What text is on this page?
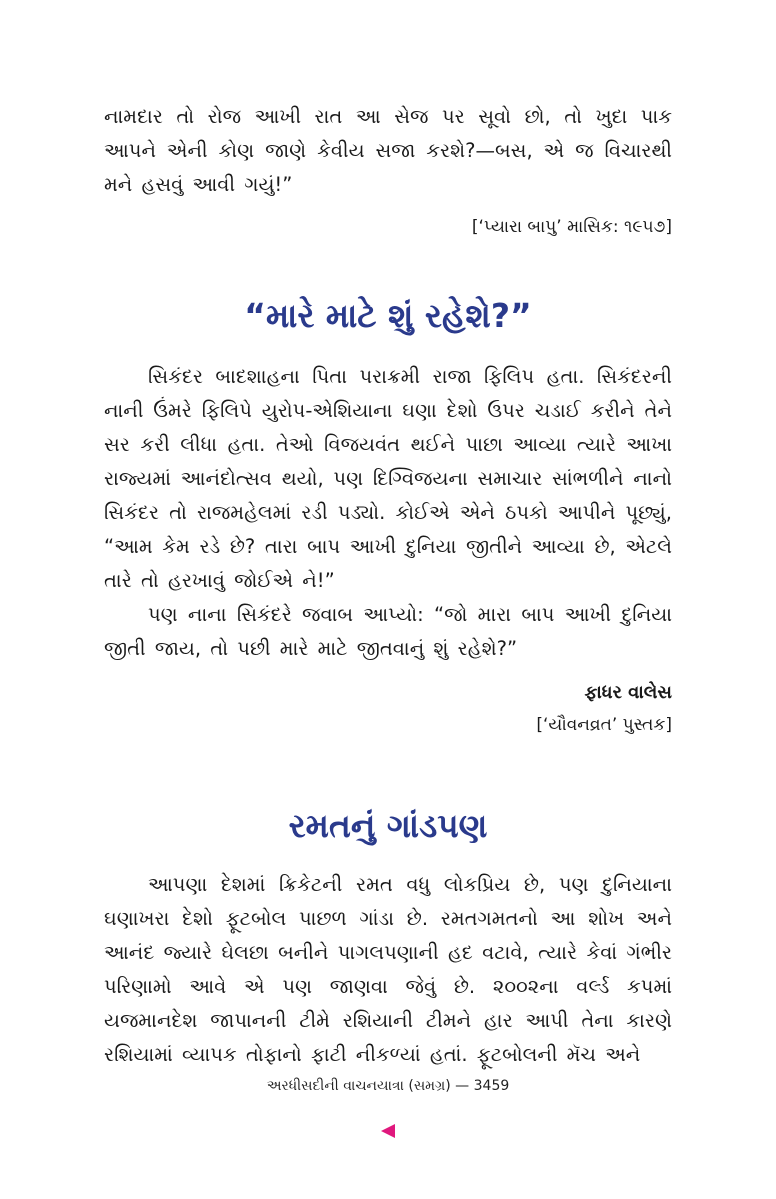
નામદાર તો રોજ આખી રાત આ સેજ પર સૂવો છો, તો ખુદા પાક આપને એની કોણ જાણે કેવીય સજા કરશે?—બસ, એ જ વિચારથી મને હસવું આવી ગયું!”

[‘પ્યારા બાપુ’ માસિક: ૧૯૫૭]

“મારે માટે શું રહેશે?”

સિકંદર બાદશાહના પિતા પરાક્રમી રાજા ફિલિપ હતા. સિકંદરની નાની ઉંમરે ફિલિપે યુરોપ-એશિયાના ઘણા દેશો ઉપર ચડાઈ કરીને તેને સર કરી લીધા હતા. તેઓ વિજયવંત થઈને પાછા આવ્યા ત્યારે આખા રાજ્યમાં આનંદોત્સવ થયો, પણ દિગ્વિજયના સમાચાર સાંભળીને નાનો સિકંદર તો રાજમહેલમાં રડી પડ્યો. કોઈએ એને ઠપકો આપીને પૂછ્યું, “આમ કેમ રડે છે? તારા બાપ આખી દુનિયા જીતીને આવ્યા છે, એટલે તારે તો હરખાવું જોઈએ ને!”

પણ નાના સિકંદરે જવાબ આપ્યો: “જો મારા બાપ આખી દુનિયા જીતી જાય, તો પછી મારે માટે જીતવાનું શું રહેશે?”

ફાધર વાલેસ

[‘યૌવનવ્રત’ પુસ્તક]

રમતનું ગાંડપણ

આપણા દેશમાં ક્રિકેટની રમત વધુ લોકપ્રિય છે, પણ દુનિયાના ઘણાખરા દેશો ફૂટબોલ પાછળ ગાંડા છે. રમતગમતનો આ શોખ અને આનંદ જ્યારે ઘેલછા બનીને પાગલપણાની હદ વટાવે, ત્યારે કેવાં ગંભીર પરિણામો આવે એ પણ જાણવા જેવું છે. ૨૦૦૨ના વર્લ્ડ કપમાં યજમાનદેશ જાપાનની ટીમે રશિયાની ટીમને હાર આપી તેના કારણે રશિયામાં વ્યાપક તોફાનો ફાટી નીકળ્યાં હતાં. ફૂટબોલની મૅચ અને

અરધીસદીની વાચનયાત્રા (સમગ્ર) — 3459
